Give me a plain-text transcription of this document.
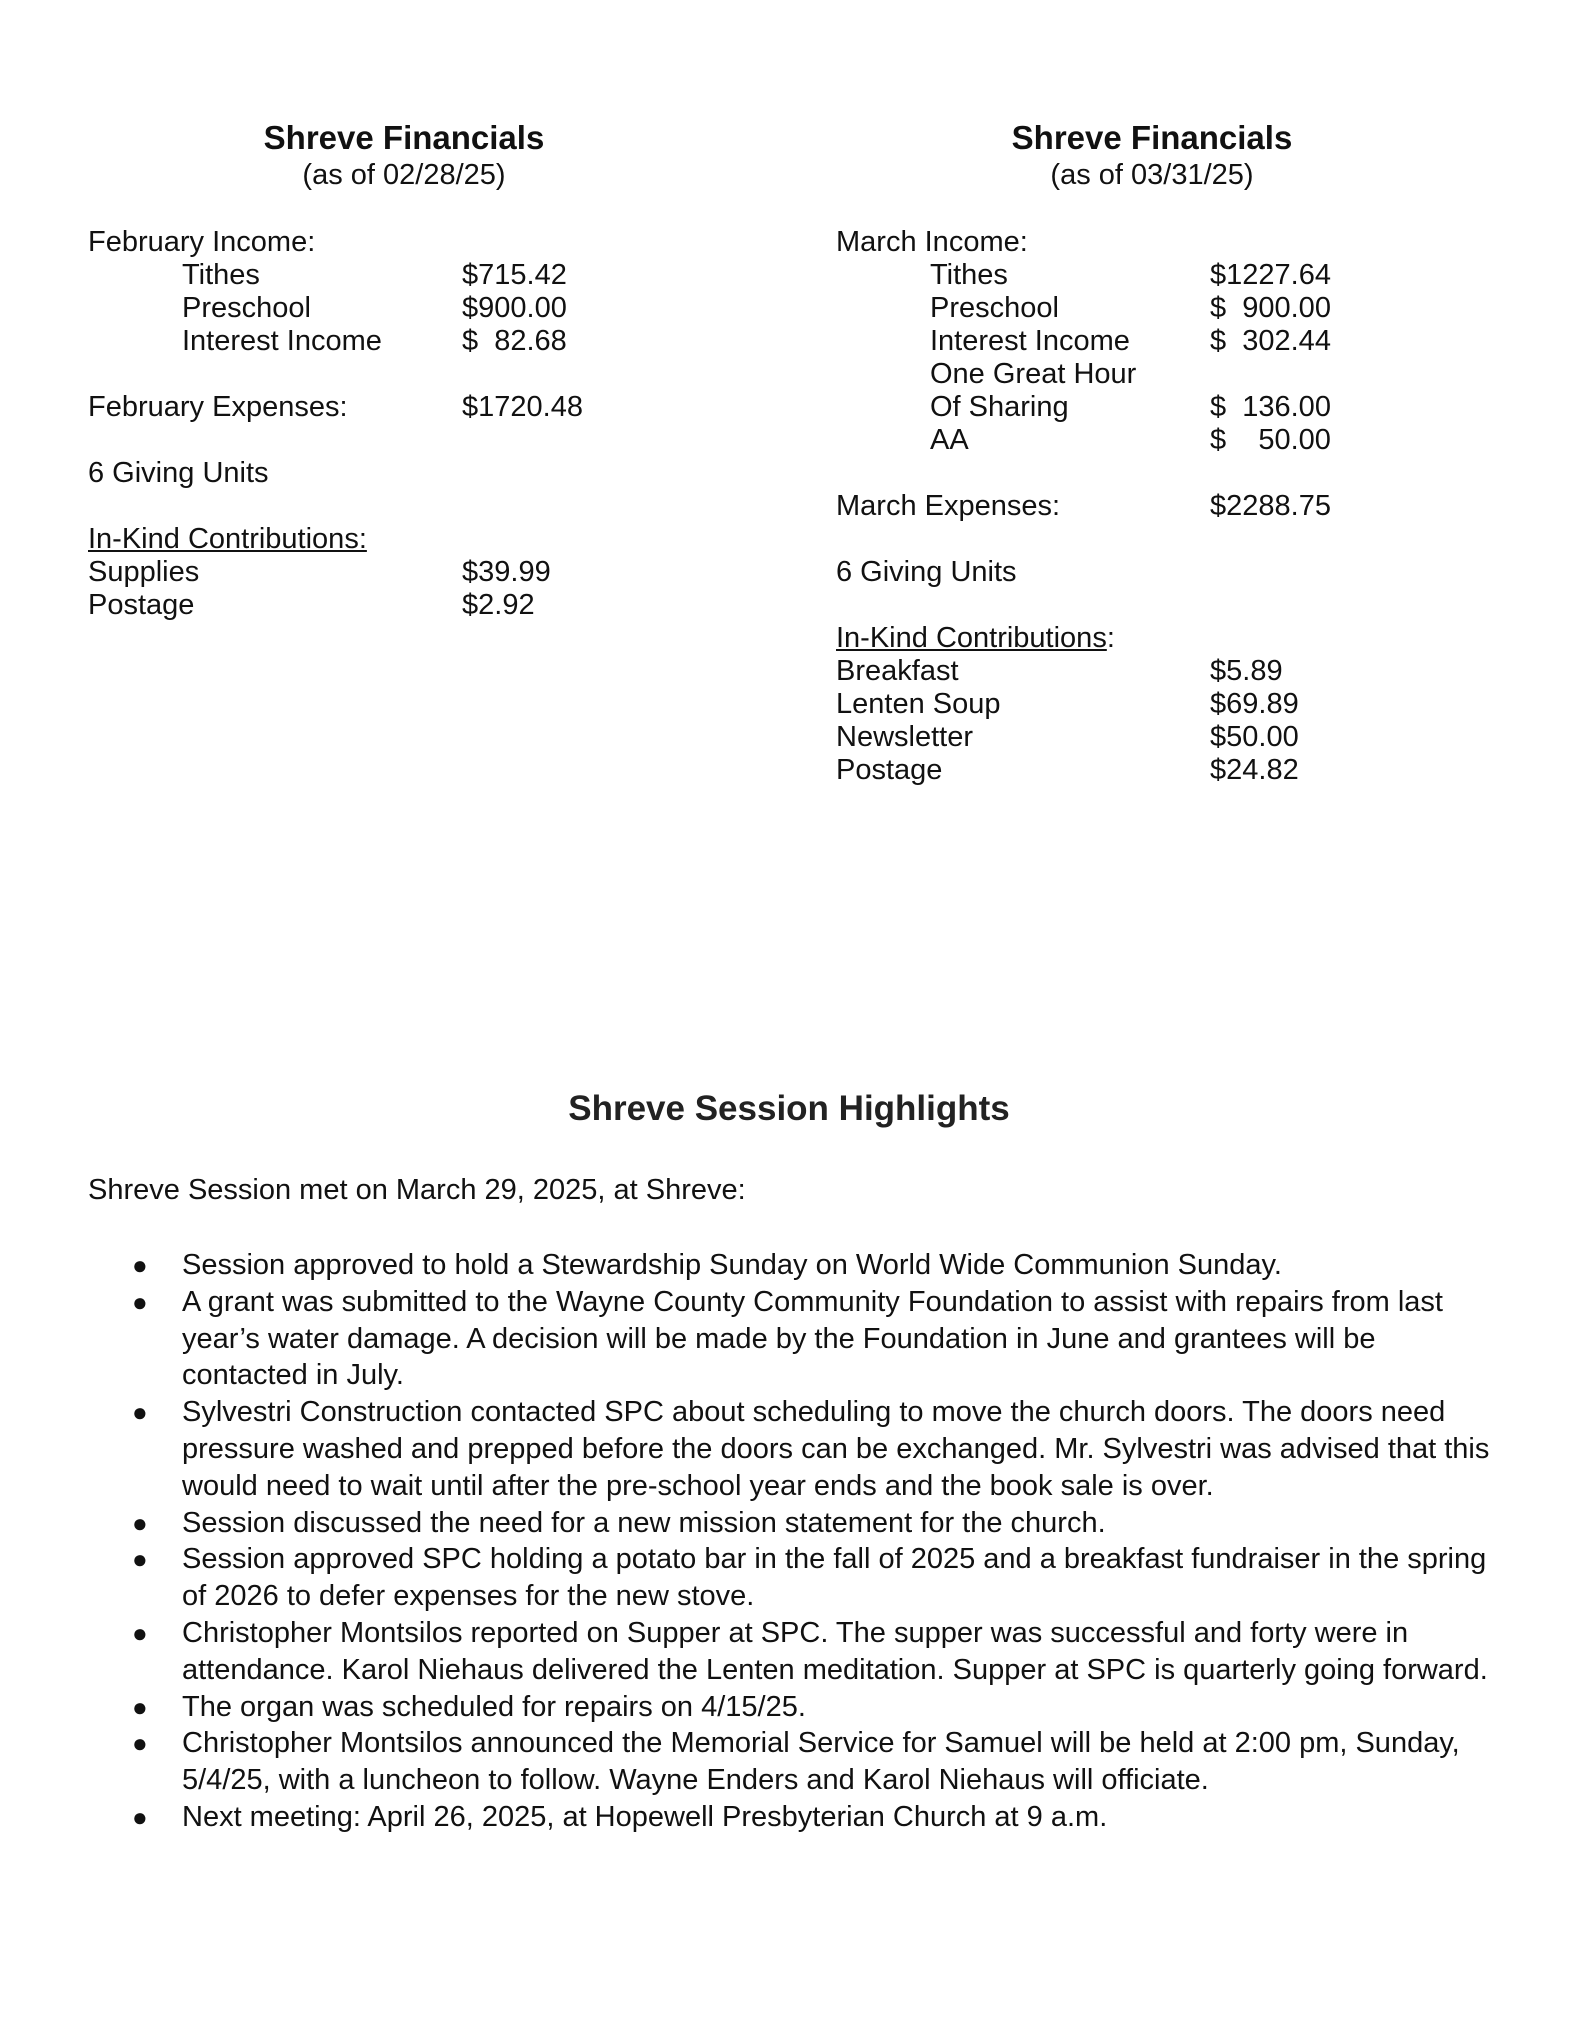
Shreve Financials
(as of 02/28/25)
February Income:
Tithes	$715.42
Preschool	$900.00
Interest Income	$  82.68
February Expenses:	$1720.48
6 Giving Units
In-Kind Contributions:
Supplies	$39.99
Postage	$2.92
Shreve Financials
(as of 03/31/25)
March Income:
Tithes	$1227.64
Preschool	$  900.00
Interest Income	$  302.44
One Great Hour
Of Sharing	$  136.00
AA	$    50.00
March Expenses:	$2288.75
6 Giving Units
In-Kind Contributions:
Breakfast	$5.89
Lenten Soup	$69.89
Newsletter	$50.00
Postage	$24.82
Shreve Session Highlights
Shreve Session met on March 29, 2025, at Shreve:
● Session approved to hold a Stewardship Sunday on World Wide Communion Sunday.
● A grant was submitted to the Wayne County Community Foundation to assist with repairs from last year’s water damage. A decision will be made by the Foundation in June and grantees will be contacted in July.
● Sylvestri Construction contacted SPC about scheduling to move the church doors. The doors need pressure washed and prepped before the doors can be exchanged. Mr. Sylvestri was advised that this would need to wait until after the pre-school year ends and the book sale is over.
● Session discussed the need for a new mission statement for the church.
● Session approved SPC holding a potato bar in the fall of 2025 and a breakfast fundraiser in the spring of 2026 to defer expenses for the new stove.
● Christopher Montsilos reported on Supper at SPC. The supper was successful and forty were in attendance. Karol Niehaus delivered the Lenten meditation. Supper at SPC is quarterly going forward.
● The organ was scheduled for repairs on 4/15/25.
● Christopher Montsilos announced the Memorial Service for Samuel will be held at 2:00 pm, Sunday, 5/4/25, with a luncheon to follow. Wayne Enders and Karol Niehaus will officiate.
● Next meeting: April 26, 2025, at Hopewell Presbyterian Church at 9 a.m.
